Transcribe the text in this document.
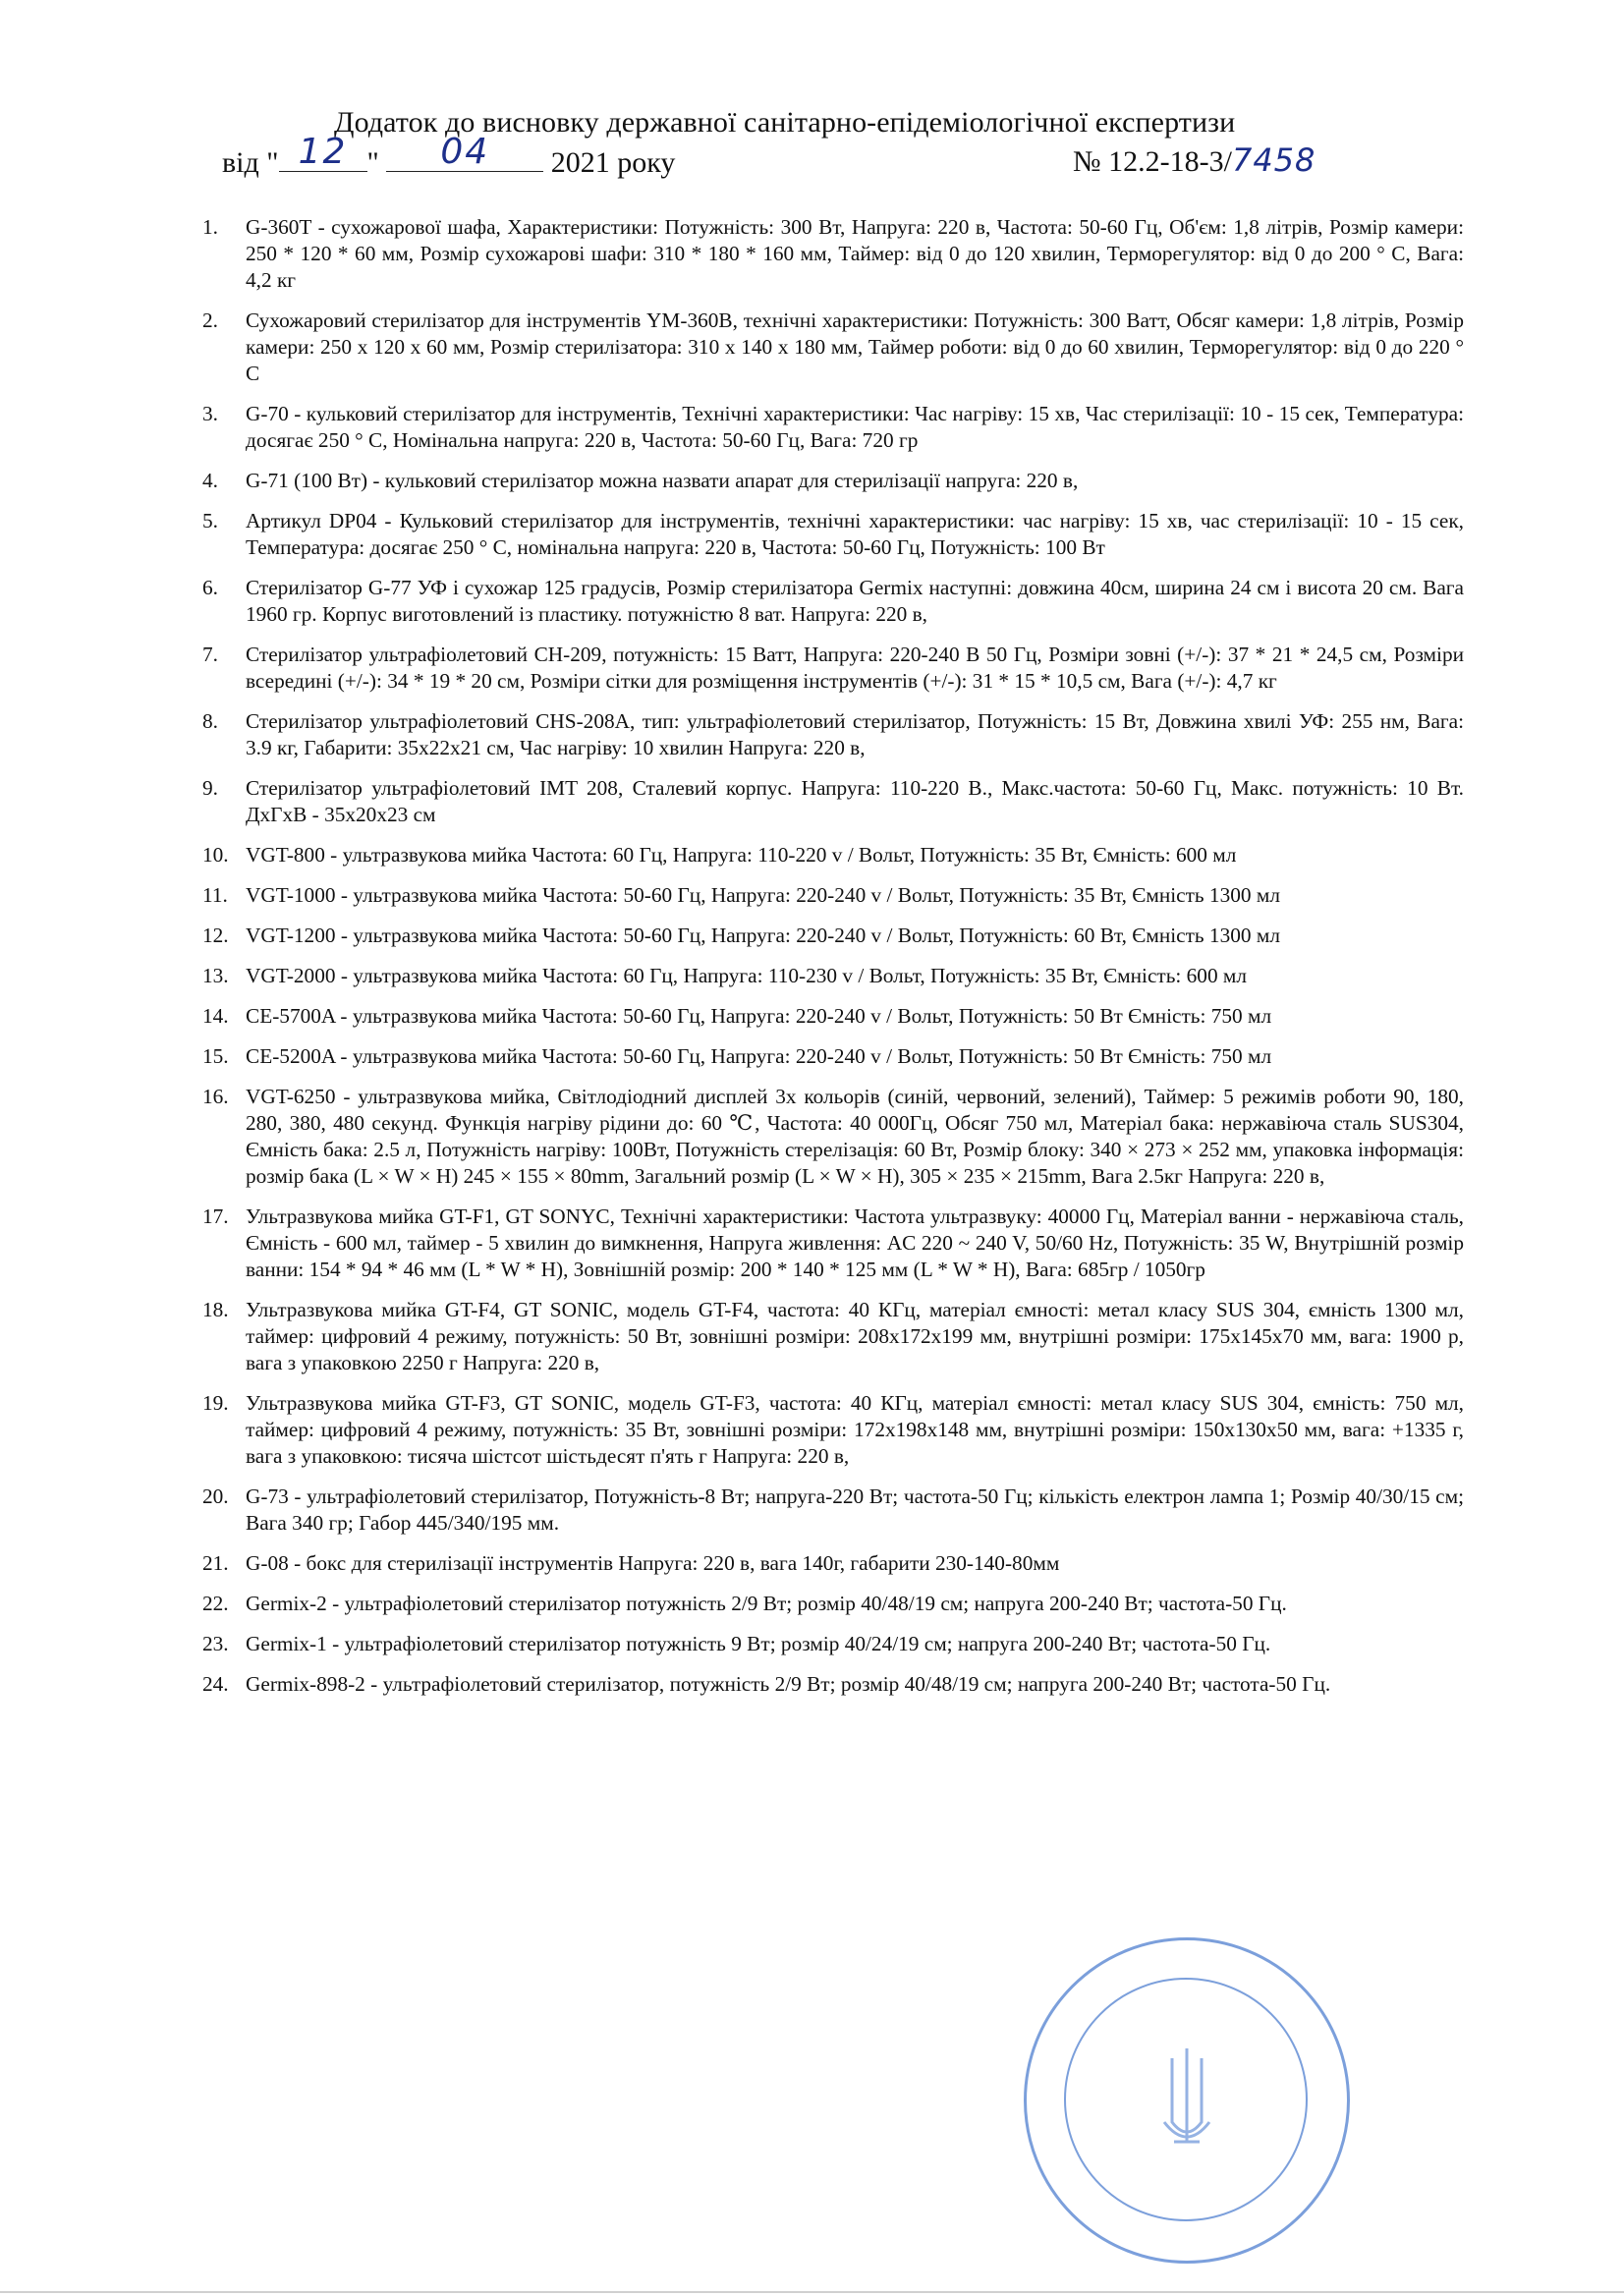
Додаток до висновку державної санітарно-епідеміологічної експертизи
від " 12 "	04	2021 року	№ 12.2-18-3/7458
1.	G-360T - сухожарової шафа, Характеристики: Потужність: 300 Вт, Напруга: 220 в, Частота: 50-60 Гц, Об'єм: 1,8 літрів, Розмір камери: 250 * 120 * 60 мм, Розмір сухожарові шафи: 310 * 180 * 160 мм, Таймер: від 0 до 120 хвилин, Терморегулятор: від 0 до 200 ° С, Вага: 4,2 кг
2.	Сухожаровий стерилізатор для інструментів YM-360B, технічні характеристики: Потужність: 300 Ватт, Обсяг камери: 1,8 літрів, Розмір камери: 250 х 120 х 60 мм, Розмір стерилізатора: 310 х 140 х 180 мм, Таймер роботи: від 0 до 60 хвилин, Терморегулятор: від 0 до 220 ° С
3.	G-70 - кульковий стерилізатор для інструментів, Технічні характеристики: Час нагріву: 15 хв, Час стерилізації: 10 - 15 сек, Температура: досягає 250 ° С, Номінальна напруга: 220 в, Частота: 50-60 Гц, Вага: 720 гр
4.	G-71 (100 Вт) - кульковий стерилізатор можна назвати апарат для стерилізації напруга: 220 в,
5.	Артикул DP04 - Кульковий стерилізатор для інструментів, технічні характеристики: час нагріву: 15 хв, час стерилізації: 10 - 15 сек, Температура: досягає 250 ° С, номінальна напруга: 220 в, Частота: 50-60 Гц, Потужність: 100 Вт
6.	Стерилізатор G-77 УФ і сухожар 125 градусів, Розмір стерилізатора Germix наступні: довжина 40см, ширина 24 см і висота 20 см. Вага 1960 гр. Корпус виготовлений із пластику. потужністю 8 ват. Напруга: 220 в,
7.	Стерилізатор ультрафіолетовий CH-209, потужність: 15 Ватт, Напруга: 220-240 В 50 Гц, Розміри зовні (+/-): 37 * 21 * 24,5 см, Розміри всередині (+/-): 34 * 19 * 20 см, Розміри сітки для розміщення інструментів (+/-): 31 * 15 * 10,5 см, Вага (+/-): 4,7 кг
8.	Стерилізатор ультрафіолетовий CHS-208A, тип: ультрафіолетовий стерилізатор, Потужність: 15 Вт, Довжина хвилі УФ: 255 нм, Вага: 3.9 кг, Габарити: 35x22x21 см, Час нагріву: 10 хвилин Напруга: 220 в,
9.	Стерилізатор ультрафіолетовий IMT 208, Сталевий корпус. Напруга: 110-220 В., Макс.частота: 50-60 Гц, Макс. потужність: 10 Вт. ДхГхВ - 35х20х23 см
10. VGT-800 - ультразвукова мийка Частота: 60 Гц, Напруга: 110-220 v / Вольт, Потужність: 35 Вт, Ємність: 600 мл
11. VGT-1000 - ультразвукова мийка Частота: 50-60 Гц, Напруга: 220-240 v / Вольт, Потужність: 35 Вт, Ємність 1300 мл
12. VGT-1200 - ультразвукова мийка Частота: 50-60 Гц, Напруга: 220-240 v / Вольт, Потужність: 60 Вт, Ємність 1300 мл
13. VGT-2000 - ультразвукова мийка Частота: 60 Гц, Напруга: 110-230 v / Вольт, Потужність: 35 Вт, Ємність: 600 мл
14. CE-5700A - ультразвукова мийка Частота: 50-60 Гц, Напруга: 220-240 v / Вольт, Потужність: 50 Вт Ємність: 750 мл
15. CE-5200A - ультразвукова мийка Частота: 50-60 Гц, Напруга: 220-240 v / Вольт, Потужність: 50 Вт Ємність: 750 мл
16. VGT-6250 - ультразвукова мийка, Світлодіодний дисплей 3х кольорів (синій, червоний, зелений), Таймер: 5 режимів роботи 90, 180, 280, 380, 480 секунд. Функція нагріву рідини до: 60 ℃, Частота: 40 000Гц, Обсяг 750 мл, Матеріал бака: нержавіюча сталь SUS304, Ємність бака: 2.5 л, Потужність нагріву: 100Вт, Потужність стерелізація: 60 Вт, Розмір блоку: 340 × 273 × 252 мм, упаковка інформація: розмір бака (L × W × H) 245 × 155 × 80mm, Загальний розмір (L × W × H), 305 × 235 × 215mm, Вага 2.5кг Напруга: 220 в,
17. Ультразвукова мийка GT-F1, GT SONYC, Технічні характеристики: Частота ультразвуку: 40000 Гц, Матеріал ванни - нержавіюча сталь, Ємність - 600 мл, таймер - 5 хвилин до вимкнення, Напруга живлення: AC 220 ~ 240 V, 50/60 Hz, Потужність: 35 W, Внутрішній розмір ванни: 154 * 94 * 46 мм (L * W * H), Зовнішній розмір: 200 * 140 * 125 мм (L * W * H), Вага: 685гр / 1050гр
18. Ультразвукова мийка GT-F4, GT SONIC, модель GT-F4, частота: 40 КГц, матеріал ємності: метал класу SUS 304, ємність 1300 мл, таймер: цифровий 4 режиму, потужність: 50 Вт, зовнішні розміри: 208х172х199 мм, внутрішні розміри: 175х145х70 мм, вага: 1900 р, вага з упаковкою 2250 г Напруга: 220 в,
19. Ультразвукова мийка GT-F3, GT SONIC, модель GT-F3, частота: 40 КГц, матеріал ємності: метал класу SUS 304, ємність: 750 мл, таймер: цифровий 4 режиму, потужність: 35 Вт, зовнішні розміри: 172х198х148 мм, внутрішні розміри: 150х130х50 мм, вага: +1335 г, вага з упаковкою: тисяча шістсот шістьдесят п'ять г Напруга: 220 в,
20. G-73 - ультрафіолетовий стерилізатор, Потужність-8 Вт; напруга-220 Вт; частота-50 Гц; кількість електрон лампа 1; Розмір 40/30/15 см; Вага 340 гр; Габор 445/340/195 мм.
21. G-08 - бокс для стерилізації інструментів Напруга: 220 в, вага 140г, габарити 230-140-80мм
22. Germix-2 - ультрафіолетовий стерилізатор потужність 2/9 Вт; розмір 40/48/19 см; напруга 200-240 Вт; частота-50 Гц.
23. Germix-1 - ультрафіолетовий стерилізатор потужність 9 Вт; розмір 40/24/19 см; напруга 200-240 Вт; частота-50 Гц.
24. Germix-898-2 - ультрафіолетовий стерилізатор, потужність 2/9 Вт; розмір 40/48/19 см; напруга 200-240 Вт; частота-50 Гц.
